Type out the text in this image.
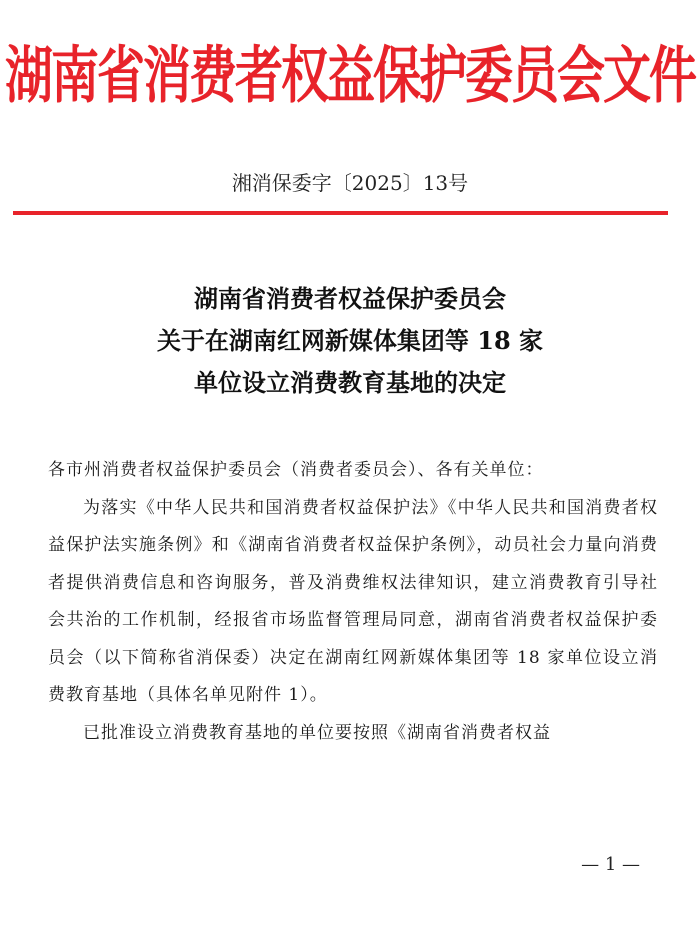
湖南省消费者权益保护委员会文件
湘消保委字〔2025〕13号
湖南省消费者权益保护委员会
关于在湖南红网新媒体集团等 18 家
单位设立消费教育基地的决定

各市州消费者权益保护委员会（消费者委员会）、各有关单位：

为落实《中华人民共和国消费者权益保护法》《中华人民共和国消费者权益保护法实施条例》和《湖南省消费者权益保护条例》，动员社会力量向消费者提供消费信息和咨询服务，普及消费维权法律知识，建立消费教育引导社会共治的工作机制，经报省市场监督管理局同意，湖南省消费者权益保护委员会（以下简称省消保委）决定在湖南红网新媒体集团等 18 家单位设立消费教育基地（具体名单见附件 1）。

已批准设立消费教育基地的单位要按照《湖南省消费者权益

— 1 —
